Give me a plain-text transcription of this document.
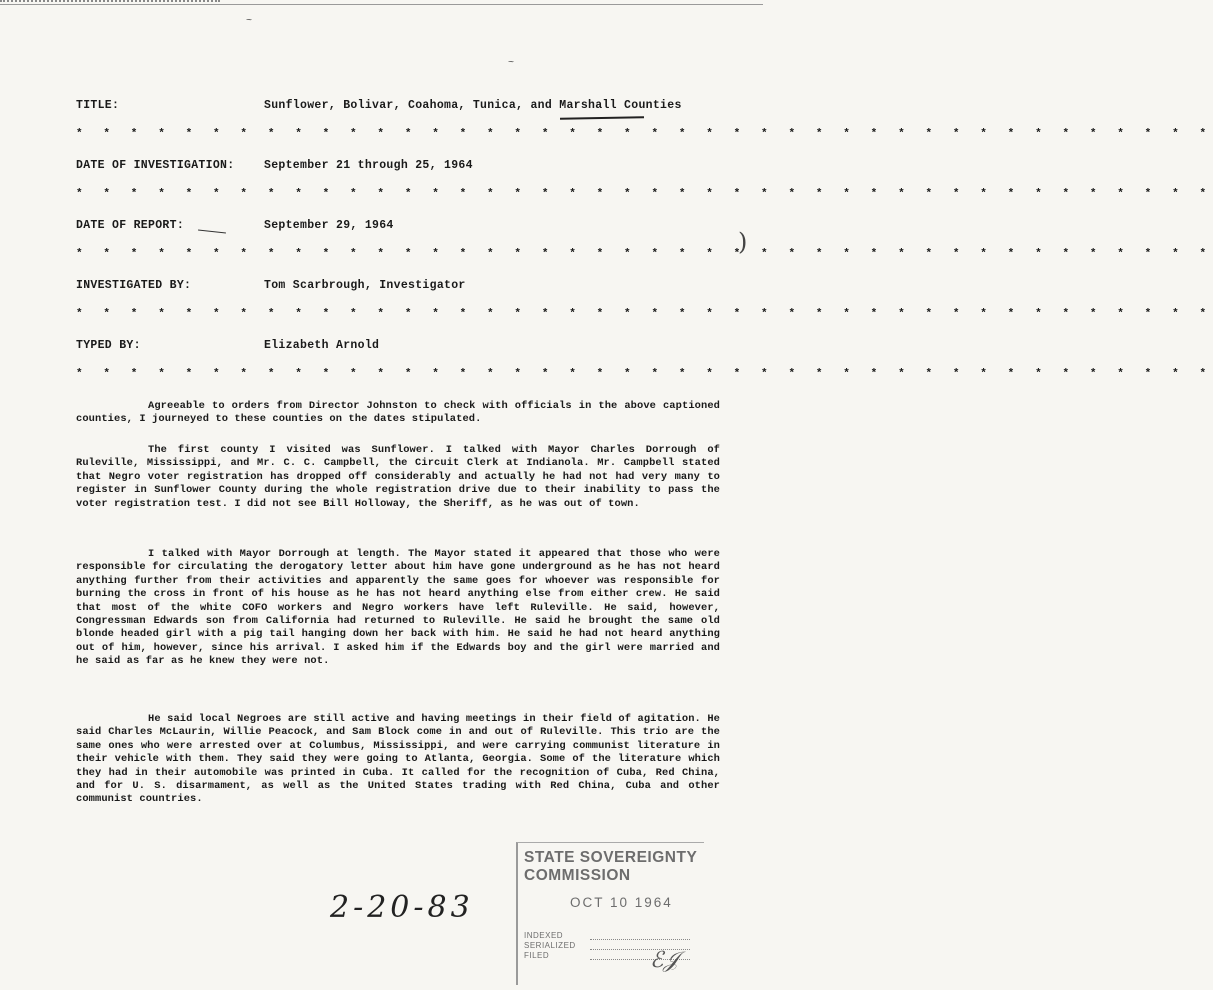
~
~
TITLE:	Sunflower, Bolivar, Coahoma, Tunica, and Marshall Counties
* * * * * * * * * * * * * * * * * * * * * * * * * * * * * * * * * * * * * * * * * *
DATE OF INVESTIGATION:	September 21 through 25, 1964
* * * * * * * * * * * * * * * * * * * * * * * * * * * * * * * * * * * * * * * * * *
DATE OF REPORT:	September 29, 1964
)
* * * * * * * * * * * * * * * * * * * * * * * * * * * * * * * * * * * * * * * * * *
INVESTIGATED BY:	Tom Scarbrough, Investigator
* * * * * * * * * * * * * * * * * * * * * * * * * * * * * * * * * * * * * * * * * *
TYPED BY:	Elizabeth Arnold
* * * * * * * * * * * * * * * * * * * * * * * * * * * * * * * * * * * * * * * * * *

Agreeable to orders from Director Johnston to check with officials in the above captioned counties, I journeyed to these counties on the dates stipulated.

The first county I visited was Sunflower. I talked with Mayor Charles Dorrough of Ruleville, Mississippi, and Mr. C. C. Campbell, the Circuit Clerk at Indianola. Mr. Campbell stated that Negro voter registration has dropped off considerably and actually he had not had very many to register in Sunflower County during the whole registration drive due to their inability to pass the voter registration test. I did not see Bill Holloway, the Sheriff, as he was out of town.

I talked with Mayor Dorrough at length. The Mayor stated it appeared that those who were responsible for circulating the derogatory letter about him have gone underground as he has not heard anything further from their activities and apparently the same goes for whoever was responsible for burning the cross in front of his house as he has not heard anything else from either crew. He said that most of the white COFO workers and Negro workers have left Ruleville. He said, however, Congressman Edwards son from California had returned to Ruleville. He said he brought the same old blonde headed girl with a pig tail hanging down her back with him. He said he had not heard anything out of him, however, since his arrival. I asked him if the Edwards boy and the girl were married and he said as far as he knew they were not.

He said local Negroes are still active and having meetings in their field of agitation. He said Charles McLaurin, Willie Peacock, and Sam Block come in and out of Ruleville. This trio are the same ones who were arrested over at Columbus, Mississippi, and were carrying communist literature in their vehicle with them. They said they were going to Atlanta, Georgia. Some of the literature which they had in their automobile was printed in Cuba. It called for the recognition of Cuba, Red China, and for U. S. disarmament, as well as the United States trading with Red China, Cuba and other communist countries.

2-20-83
STATE SOVEREIGNTY COMMISSION
OCT 10 1964
INDEXED
SERIALIZED
FILED	ℰ𝒥
